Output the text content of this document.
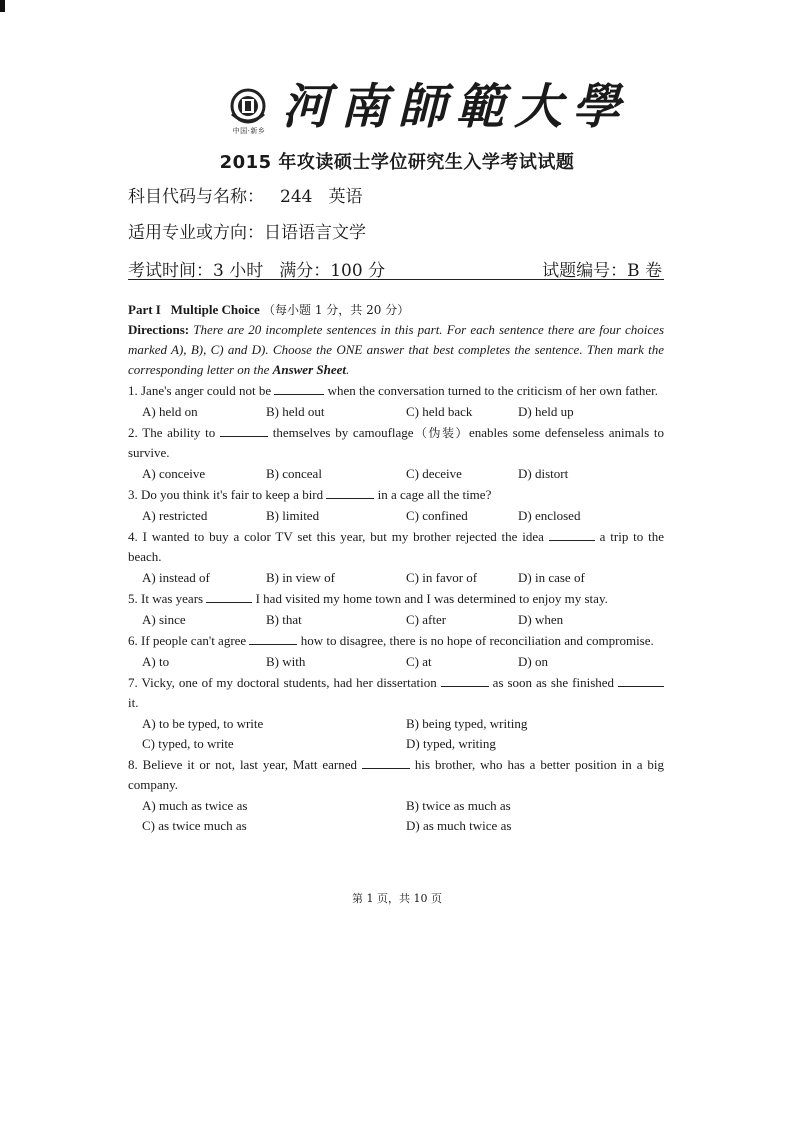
中国·新乡 河南師範大學
2015 年攻读硕士学位研究生入学考试试题
科目代码与名称： 244 英语
适用专业或方向：日语语言文学
考试时间：3 小时 满分：100 分	试题编号：B 卷

Part I Multiple Choice （每小题 1 分，共 20 分）

Directions: There are 20 incomplete sentences in this part. For each sentence there are four choices marked A), B), C) and D). Choose the ONE answer that best completes the sentence. Then mark the corresponding letter on the Answer Sheet.

1. Jane's anger could not be	when the conversation turned to the criticism of her own father.

A) held on	B) held out	C) held back	D) held up

2. The ability to	themselves by camouflage（伪装）enables some defenseless animals to survive.

A) conceive	B) conceal	C) deceive	D) distort

3. Do you think it's fair to keep a bird	in a cage all the time?

A) restricted	B) limited	C) confined	D) enclosed

4. I wanted to buy a color TV set this year, but my brother rejected the idea	a trip to the beach.

A) instead of	B) in view of	C) in favor of	D) in case of

5. It was years	I had visited my home town and I was determined to enjoy my stay.

A) since	B) that	C) after	D) when

6. If people can't agree	how to disagree, there is no hope of reconciliation and compromise.

A) to	B) with	C) at	D) on

7. Vicky, one of my doctoral students, had her dissertation	as soon as she finished  it.

A) to be typed, to write	B) being typed, writing
C) typed, to write	D) typed, writing

8. Believe it or not, last year, Matt earned	his brother, who has a better position in a big company.

A) much as twice as	B) twice as much as
C) as twice much as	D) as much twice as
第 1 页，共 10 页
